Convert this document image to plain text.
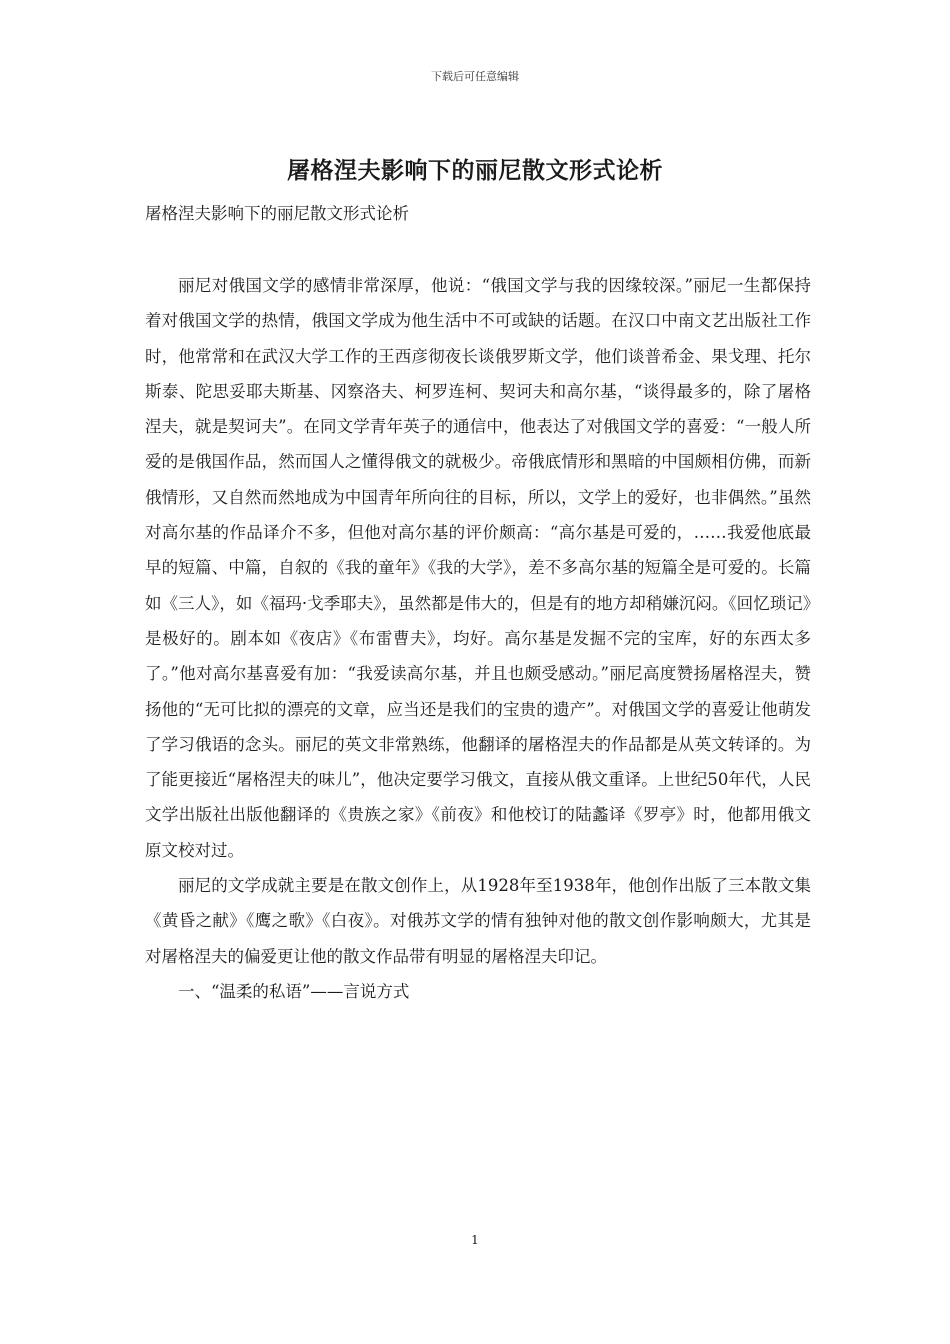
下载后可任意编辑
屠格涅夫影响下的丽尼散文形式论析

屠格涅夫影响下的丽尼散文形式论析

丽尼对俄国文学的感情非常深厚，他说：“俄国文学与我的因缘较深。”丽尼一生都保持着对俄国文学的热情，俄国文学成为他生活中不可或缺的话题。在汉口中南文艺出版社工作时，他常常和在武汉大学工作的王西彦彻夜长谈俄罗斯文学，他们谈普希金、果戈理、托尔斯泰、陀思妥耶夫斯基、冈察洛夫、柯罗连柯、契诃夫和高尔基，“谈得最多的，除了屠格涅夫，就是契诃夫”。在同文学青年英子的通信中，他表达了对俄国文学的喜爱：“一般人所爱的是俄国作品，然而国人之懂得俄文的就极少。帝俄底情形和黑暗的中国颇相仿佛，而新俄情形，又自然而然地成为中国青年所向往的目标，所以，文学上的爱好，也非偶然。”虽然对高尔基的作品译介不多，但他对高尔基的评价颇高：“高尔基是可爱的，……我爱他底最早的短篇、中篇，自叙的《我的童年》《我的大学》，差不多高尔基的短篇全是可爱的。长篇如《三人》，如《福玛·戈季耶夫》，虽然都是伟大的，但是有的地方却稍嫌沉闷。《回忆琐记》是极好的。剧本如《夜店》《布雷曹夫》，均好。高尔基是发掘不完的宝库，好的东西太多了。”他对高尔基喜爱有加：“我爱读高尔基，并且也颇受感动。”丽尼高度赞扬屠格涅夫，赞扬他的“无可比拟的漂亮的文章，应当还是我们的宝贵的遗产”。对俄国文学的喜爱让他萌发了学习俄语的念头。丽尼的英文非常熟练，他翻译的屠格涅夫的作品都是从英文转译的。为了能更接近“屠格涅夫的味儿”，他决定要学习俄文，直接从俄文重译。上世纪50年代，人民文学出版社出版他翻译的《贵族之家》《前夜》和他校订的陆蠡译《罗亭》时，他都用俄文原文校对过。

丽尼的文学成就主要是在散文创作上，从1928年至1938年，他创作出版了三本散文集《黄昏之献》《鹰之歌》《白夜》。对俄苏文学的情有独钟对他的散文创作影响颇大，尤其是对屠格涅夫的偏爱更让他的散文作品带有明显的屠格涅夫印记。

一、“温柔的私语”——言说方式

1
